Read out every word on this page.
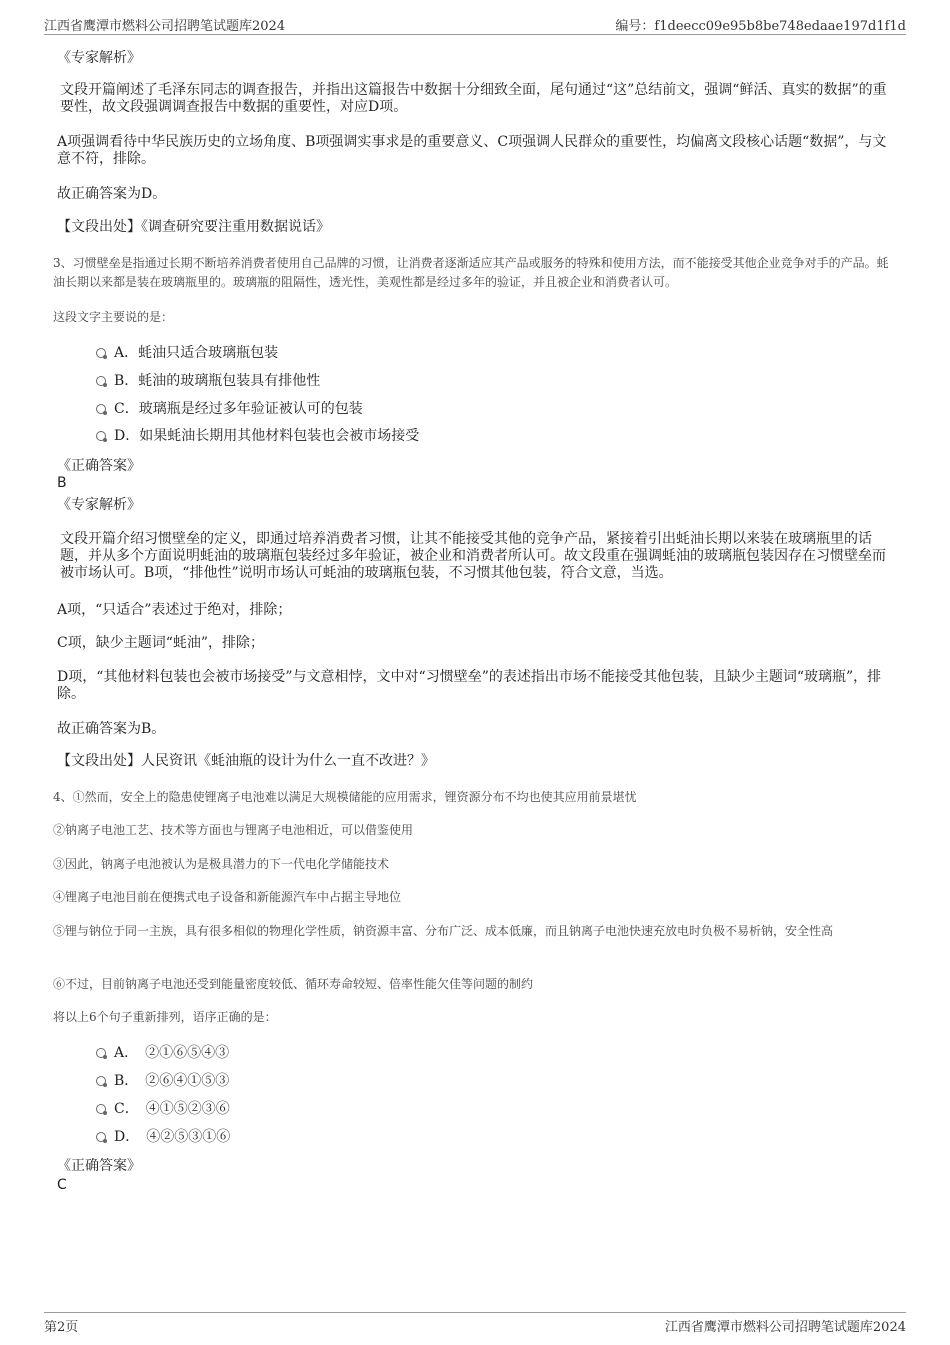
江西省鹰潭市燃料公司招聘笔试题库2024	编号：f1deecc09e95b8be748edaae197d1f1d
《专家解析》
文段开篇阐述了毛泽东同志的调查报告，并指出这篇报告中数据十分细致全面，尾句通过“这”总结前文，强调“鲜活、真实的数据”的重要性，故文段强调调查报告中数据的重要性，对应D项。
A项强调看待中华民族历史的立场角度、B项强调实事求是的重要意义、C项强调人民群众的重要性，均偏离文段核心话题“数据”，与文意不符，排除。
故正确答案为D。
【文段出处】《调查研究要注重用数据说话》
3、习惯壁垒是指通过长期不断培养消费者使用自己品牌的习惯，让消费者逐渐适应其产品或服务的特殊和使用方法，而不能接受其他企业竞争对手的产品。蚝油长期以来都是装在玻璃瓶里的。玻璃瓶的阻隔性，透光性，美观性都是经过多年的验证，并且被企业和消费者认可。
这段文字主要说的是：
A．蚝油只适合玻璃瓶包装
B．蚝油的玻璃瓶包装具有排他性
C．玻璃瓶是经过多年验证被认可的包装
D．如果蚝油长期用其他材料包装也会被市场接受
《正确答案》
B
《专家解析》
文段开篇介绍习惯壁垒的定义，即通过培养消费者习惯，让其不能接受其他的竞争产品，紧接着引出蚝油长期以来装在玻璃瓶里的话题，并从多个方面说明蚝油的玻璃瓶包装经过多年验证，被企业和消费者所认可。故文段重在强调蚝油的玻璃瓶包装因存在习惯壁垒而被市场认可。B项，“排他性”说明市场认可蚝油的玻璃瓶包装，不习惯其他包装，符合文意，当选。
A项，“只适合”表述过于绝对，排除；
C项，缺少主题词“蚝油”，排除；
D项，“其他材料包装也会被市场接受”与文意相悖，文中对“习惯壁垒”的表述指出市场不能接受其他包装，且缺少主题词“玻璃瓶”，排除。
故正确答案为B。
【文段出处】人民资讯《蚝油瓶的设计为什么一直不改进？》
4、①然而，安全上的隐患使锂离子电池难以满足大规模储能的应用需求，锂资源分布不均也使其应用前景堪忧
②钠离子电池工艺、技术等方面也与锂离子电池相近，可以借鉴使用
③因此，钠离子电池被认为是极具潜力的下一代电化学储能技术
④锂离子电池目前在便携式电子设备和新能源汽车中占据主导地位
⑤锂与钠位于同一主族，具有很多相似的物理化学性质，钠资源丰富、分布广泛、成本低廉，而且钠离子电池快速充放电时负极不易析钠，安全性高
⑥不过，目前钠离子电池还受到能量密度较低、循环寿命较短、倍率性能欠佳等问题的制约
将以上6个句子重新排列，语序正确的是：
A．　②①⑥⑤④③
B．　②⑥④①⑤③
C．　④①⑤②③⑥
D．　④②⑤③①⑥
《正确答案》
C
第2页	江西省鹰潭市燃料公司招聘笔试题库2024
